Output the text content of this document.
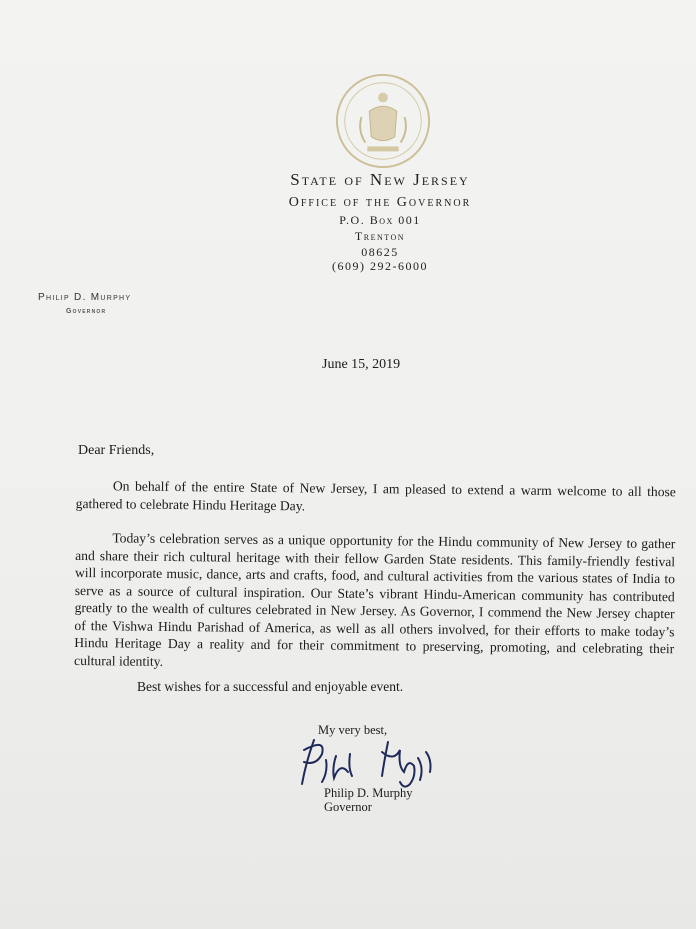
State of New Jersey
Office of the Governor
P.O. Box 001
Trenton
08625
(609) 292-6000
Philip D. Murphy
Governor
June 15, 2019
Dear Friends,

On behalf of the entire State of New Jersey, I am pleased to extend a warm welcome to all those gathered to celebrate Hindu Heritage Day.

Today’s celebration serves as a unique opportunity for the Hindu community of New Jersey to gather and share their rich cultural heritage with their fellow Garden State residents. This family-friendly festival will incorporate music, dance, arts and crafts, food, and cultural activities from the various states of India to serve as a source of cultural inspiration. Our State’s vibrant Hindu-American community has contributed greatly to the wealth of cultures celebrated in New Jersey. As Governor, I commend the New Jersey chapter of the Vishwa Hindu Parishad of America, as well as all others involved, for their efforts to make today’s Hindu Heritage Day a reality and for their commitment to preserving, promoting, and celebrating their cultural identity.

Best wishes for a successful and enjoyable event.
My very best,
Philip D. Murphy
Governor
